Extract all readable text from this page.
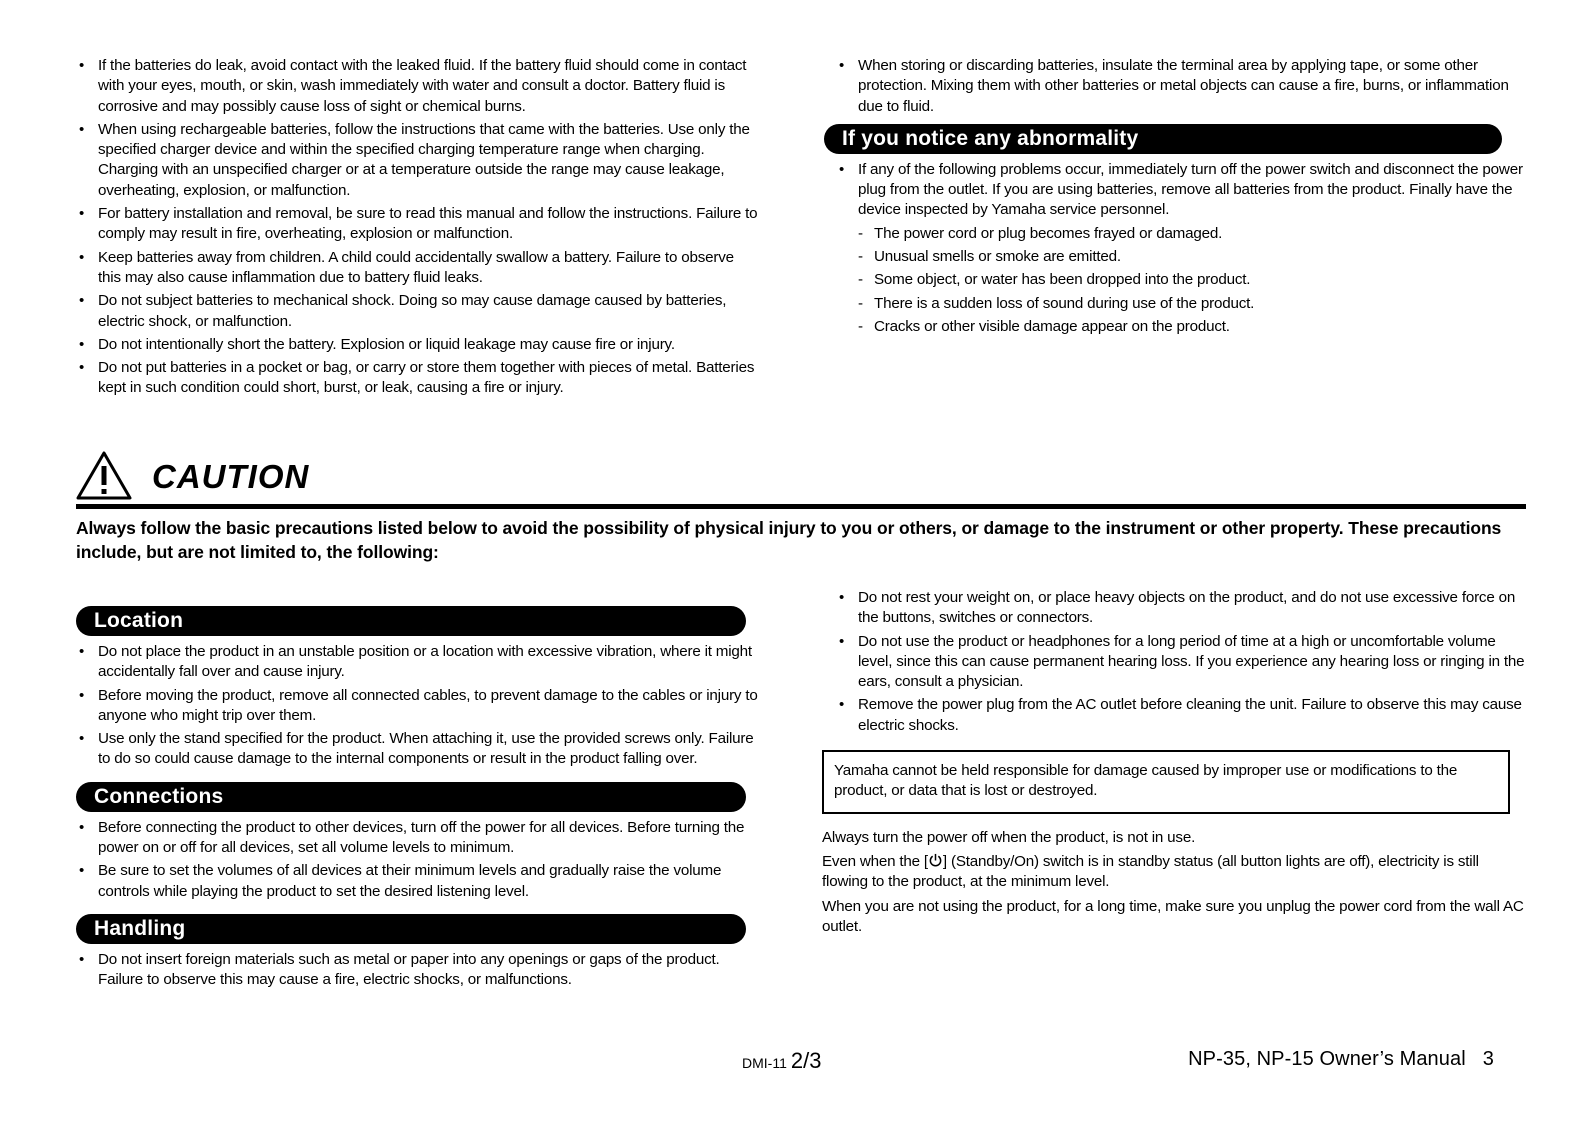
• If the batteries do leak, avoid contact with the leaked fluid. If the battery fluid should come in contact with your eyes, mouth, or skin, wash immediately with water and consult a doctor. Battery fluid is corrosive and may possibly cause loss of sight or chemical burns.
• When using rechargeable batteries, follow the instructions that came with the batteries. Use only the specified charger device and within the specified charging temperature range when charging. Charging with an unspecified charger or at a temperature outside the range may cause leakage, overheating, explosion, or malfunction.
• For battery installation and removal, be sure to read this manual and follow the instructions. Failure to comply may result in fire, overheating, explosion or malfunction.
• Keep batteries away from children. A child could accidentally swallow a battery. Failure to observe this may also cause inflammation due to battery fluid leaks.
• Do not subject batteries to mechanical shock. Doing so may cause damage caused by batteries, electric shock, or malfunction.
• Do not intentionally short the battery. Explosion or liquid leakage may cause fire or injury.
• Do not put batteries in a pocket or bag, or carry or store them together with pieces of metal. Batteries kept in such condition could short, burst, or leak, causing a fire or injury.
• When storing or discarding batteries, insulate the terminal area by applying tape, or some other protection. Mixing them with other batteries or metal objects can cause a fire, burns, or inflammation due to fluid.
If you notice any abnormality
• If any of the following problems occur, immediately turn off the power switch and disconnect the power plug from the outlet. If you are using batteries, remove all batteries from the product. Finally have the device inspected by Yamaha service personnel.
- The power cord or plug becomes frayed or damaged.
- Unusual smells or smoke are emitted.
- Some object, or water has been dropped into the product.
- There is a sudden loss of sound during use of the product.
- Cracks or other visible damage appear on the product.
CAUTION
Always follow the basic precautions listed below to avoid the possibility of physical injury to you or others, or damage to the instrument or other property. These precautions include, but are not limited to, the following:
Location
• Do not place the product in an unstable position or a location with excessive vibration, where it might accidentally fall over and cause injury.
• Before moving the product, remove all connected cables, to prevent damage to the cables or injury to anyone who might trip over them.
• Use only the stand specified for the product. When attaching it, use the provided screws only. Failure to do so could cause damage to the internal components or result in the product falling over.
Connections
• Before connecting the product to other devices, turn off the power for all devices. Before turning the power on or off for all devices, set all volume levels to minimum.
• Be sure to set the volumes of all devices at their minimum levels and gradually raise the volume controls while playing the product to set the desired listening level.
Handling
• Do not insert foreign materials such as metal or paper into any openings or gaps of the product. Failure to observe this may cause a fire, electric shocks, or malfunctions.
• Do not rest your weight on, or place heavy objects on the product, and do not use excessive force on the buttons, switches or connectors.
• Do not use the product or headphones for a long period of time at a high or uncomfortable volume level, since this can cause permanent hearing loss. If you experience any hearing loss or ringing in the ears, consult a physician.
• Remove the power plug from the AC outlet before cleaning the unit. Failure to observe this may cause electric shocks.
Yamaha cannot be held responsible for damage caused by improper use or modifications to the product, or data that is lost or destroyed.
Always turn the power off when the product, is not in use.
Even when the [ ] (Standby/On) switch is in standby status (all button lights are off), electricity is still flowing to the product, at the minimum level.
When you are not using the product, for a long time, make sure you unplug the power cord from the wall AC outlet.
DMI-11 2/3	NP-35, NP-15 Owner’s Manual 3
